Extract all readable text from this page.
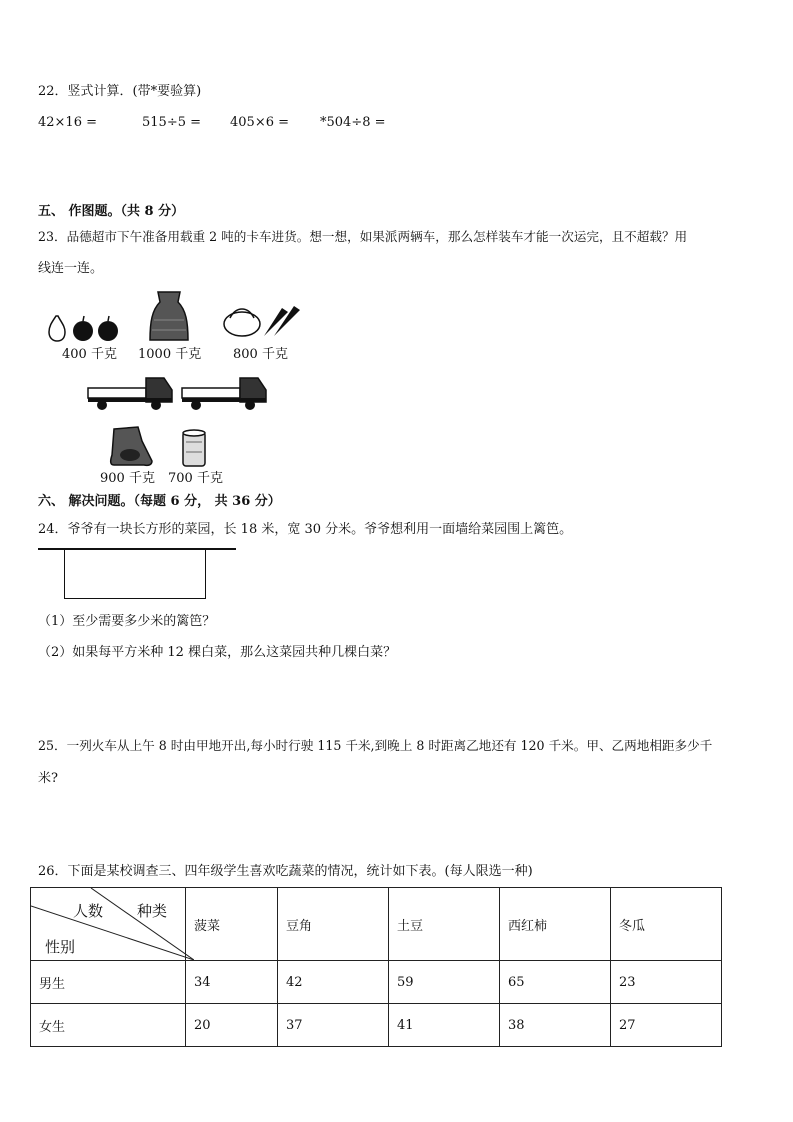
22．竖式计算．(带*要验算)
42×16 =	515÷5 = 405×6 = *504÷8 =
五、 作图题。（共 8 分）
23．品德超市下午准备用载重 2 吨的卡车进货。想一想，如果派两辆车，那么怎样装车才能一次运完，且不超载？用
线连一连。
400 千克 1000 千克 800 千克
900 千克 700 千克
六、 解决问题。（每题 6 分， 共 36 分）
24．爷爷有一块长方形的菜园，长 18 米，宽 30 分米。爷爷想利用一面墙给菜园围上篱笆。
（1）至少需要多少米的篱笆？
（2）如果每平方米种 12 棵白菜，那么这菜园共种几棵白菜？
25．一列火车从上午 8 时由甲地开出,每小时行驶 115 千米,到晚上 8 时距离乙地还有 120 千米。甲、乙两地相距多少千
米?
26．下面是某校调查三、四年级学生喜欢吃蔬菜的情况，统计如下表。(每人限选一种)
人数 种类
性别	菠菜	豆角	土豆	西红柿	冬瓜
男生	34	42	59	65	23
女生	20	37	41	38	27
